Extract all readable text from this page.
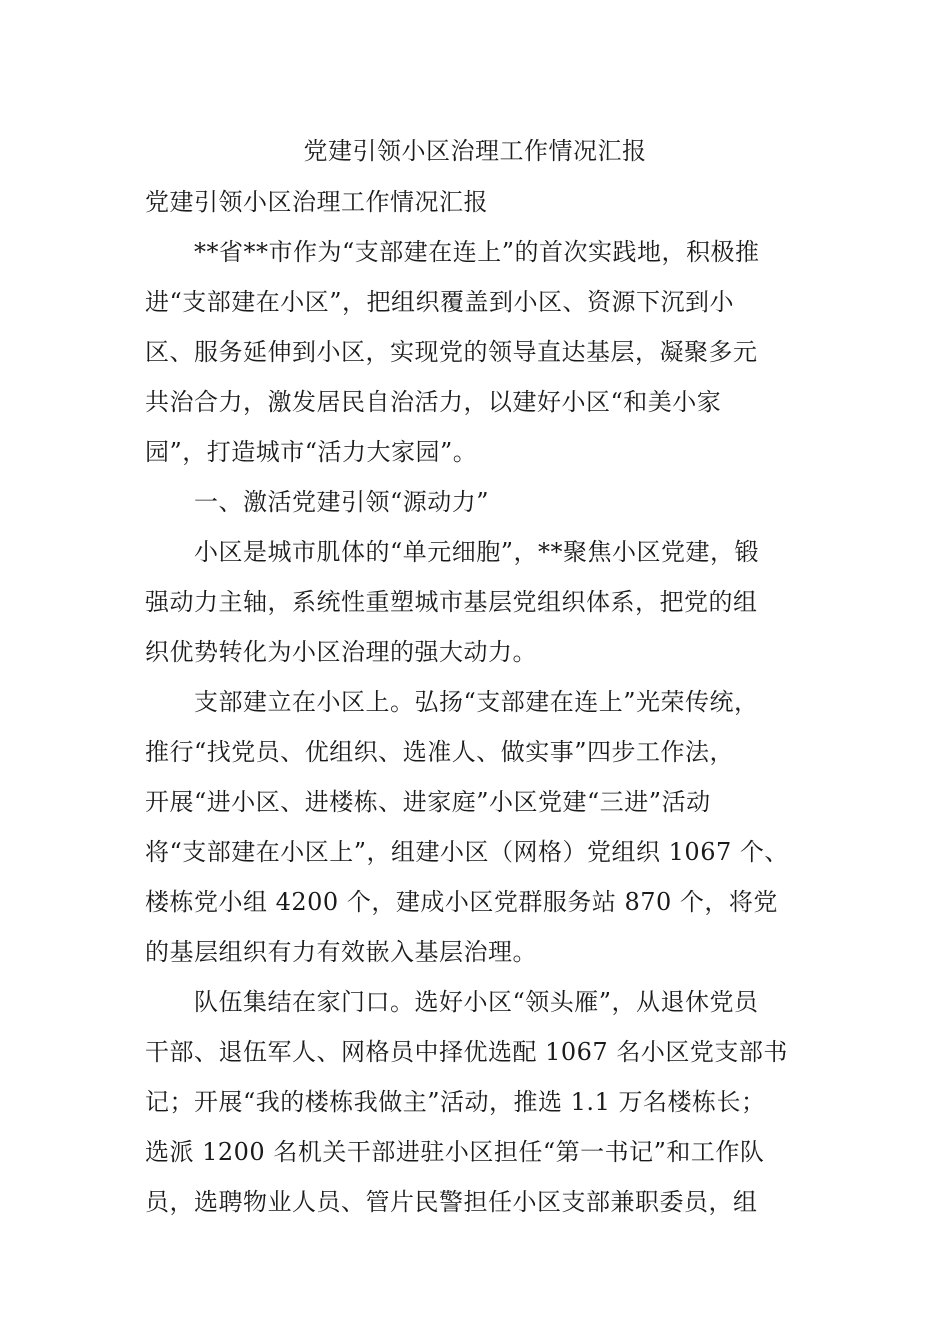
党建引领小区治理工作情况汇报
党建引领小区治理工作情况汇报
　　**省**市作为“支部建在连上”的首次实践地，积极推
进“支部建在小区”，把组织覆盖到小区、资源下沉到小
区、服务延伸到小区，实现党的领导直达基层，凝聚多元
共治合力，激发居民自治活力，以建好小区“和美小家
园”，打造城市“活力大家园”。
　　一、激活党建引领“源动力”
　　小区是城市肌体的“单元细胞”，**聚焦小区党建，锻
强动力主轴，系统性重塑城市基层党组织体系，把党的组
织优势转化为小区治理的强大动力。
　　支部建立在小区上。弘扬“支部建在连上”光荣传统，
推行“找党员、优组织、选准人、做实事”四步工作法，
开展“进小区、进楼栋、进家庭”小区党建“三进”活动
将“支部建在小区上”，组建小区（网格）党组织 1067 个、
楼栋党小组 4200 个，建成小区党群服务站 870 个，将党
的基层组织有力有效嵌入基层治理。
　　队伍集结在家门口。选好小区“领头雁”，从退休党员
干部、退伍军人、网格员中择优选配 1067 名小区党支部书
记；开展“我的楼栋我做主”活动，推选 1.1 万名楼栋长；
选派 1200 名机关干部进驻小区担任“第一书记”和工作队
员，选聘物业人员、管片民警担任小区支部兼职委员，组
